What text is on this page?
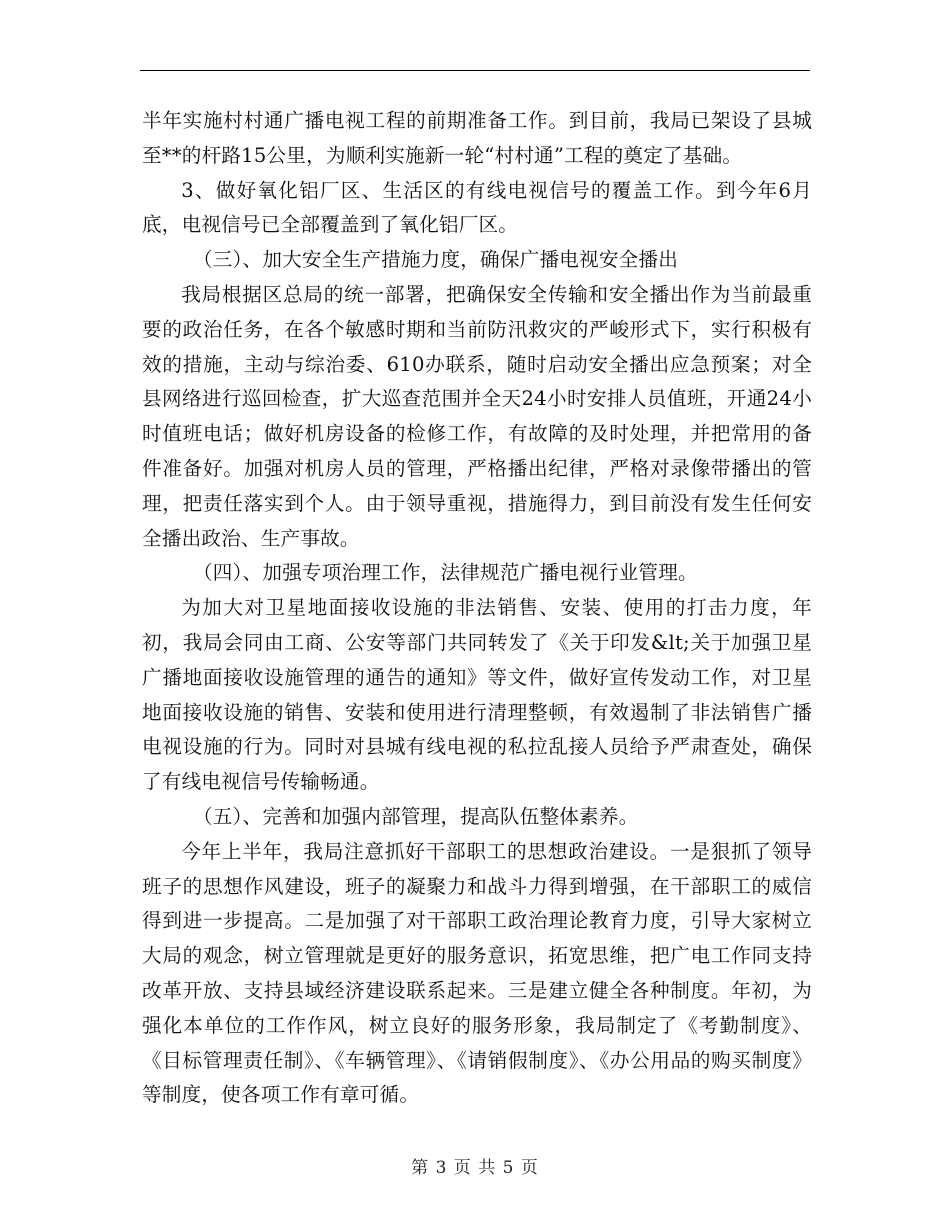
半年实施村村通广播电视工程的前期准备工作。到目前，我局已架设了县城至**的杆路15公里，为顺利实施新一轮“村村通”工程的奠定了基础。

3、做好氧化铝厂区、生活区的有线电视信号的覆盖工作。到今年6月底，电视信号已全部覆盖到了氧化铝厂区。

（三）、加大安全生产措施力度，确保广播电视安全播出

我局根据区总局的统一部署，把确保安全传输和安全播出作为当前最重要的政治任务，在各个敏感时期和当前防汛救灾的严峻形式下，实行积极有效的措施，主动与综治委、610办联系，随时启动安全播出应急预案；对全县网络进行巡回检查，扩大巡查范围并全天24小时安排人员值班，开通24小时值班电话；做好机房设备的检修工作，有故障的及时处理，并把常用的备件准备好。加强对机房人员的管理，严格播出纪律，严格对录像带播出的管理，把责任落实到个人。由于领导重视，措施得力，到目前没有发生任何安全播出政治、生产事故。

（四）、加强专项治理工作，法律规范广播电视行业管理。

为加大对卫星地面接收设施的非法销售、安装、使用的打击力度，年初，我局会同由工商、公安等部门共同转发了《关于印发&lt;关于加强卫星广播地面接收设施管理的通告的通知》等文件，做好宣传发动工作，对卫星地面接收设施的销售、安装和使用进行清理整顿，有效遏制了非法销售广播电视设施的行为。同时对县城有线电视的私拉乱接人员给予严肃查处，确保了有线电视信号传输畅通。

（五）、完善和加强内部管理，提高队伍整体素养。

今年上半年，我局注意抓好干部职工的思想政治建设。一是狠抓了领导班子的思想作风建设，班子的凝聚力和战斗力得到增强，在干部职工的威信得到进一步提高。二是加强了对干部职工政治理论教育力度，引导大家树立大局的观念，树立管理就是更好的服务意识，拓宽思维，把广电工作同支持改革开放、支持县域经济建设联系起来。三是建立健全各种制度。年初，为强化本单位的工作作风，树立良好的服务形象，我局制定了《考勤制度》、《目标管理责任制》、《车辆管理》、《请销假制度》、《办公用品的购买制度》等制度，使各项工作有章可循。

第 3 页 共 5 页
